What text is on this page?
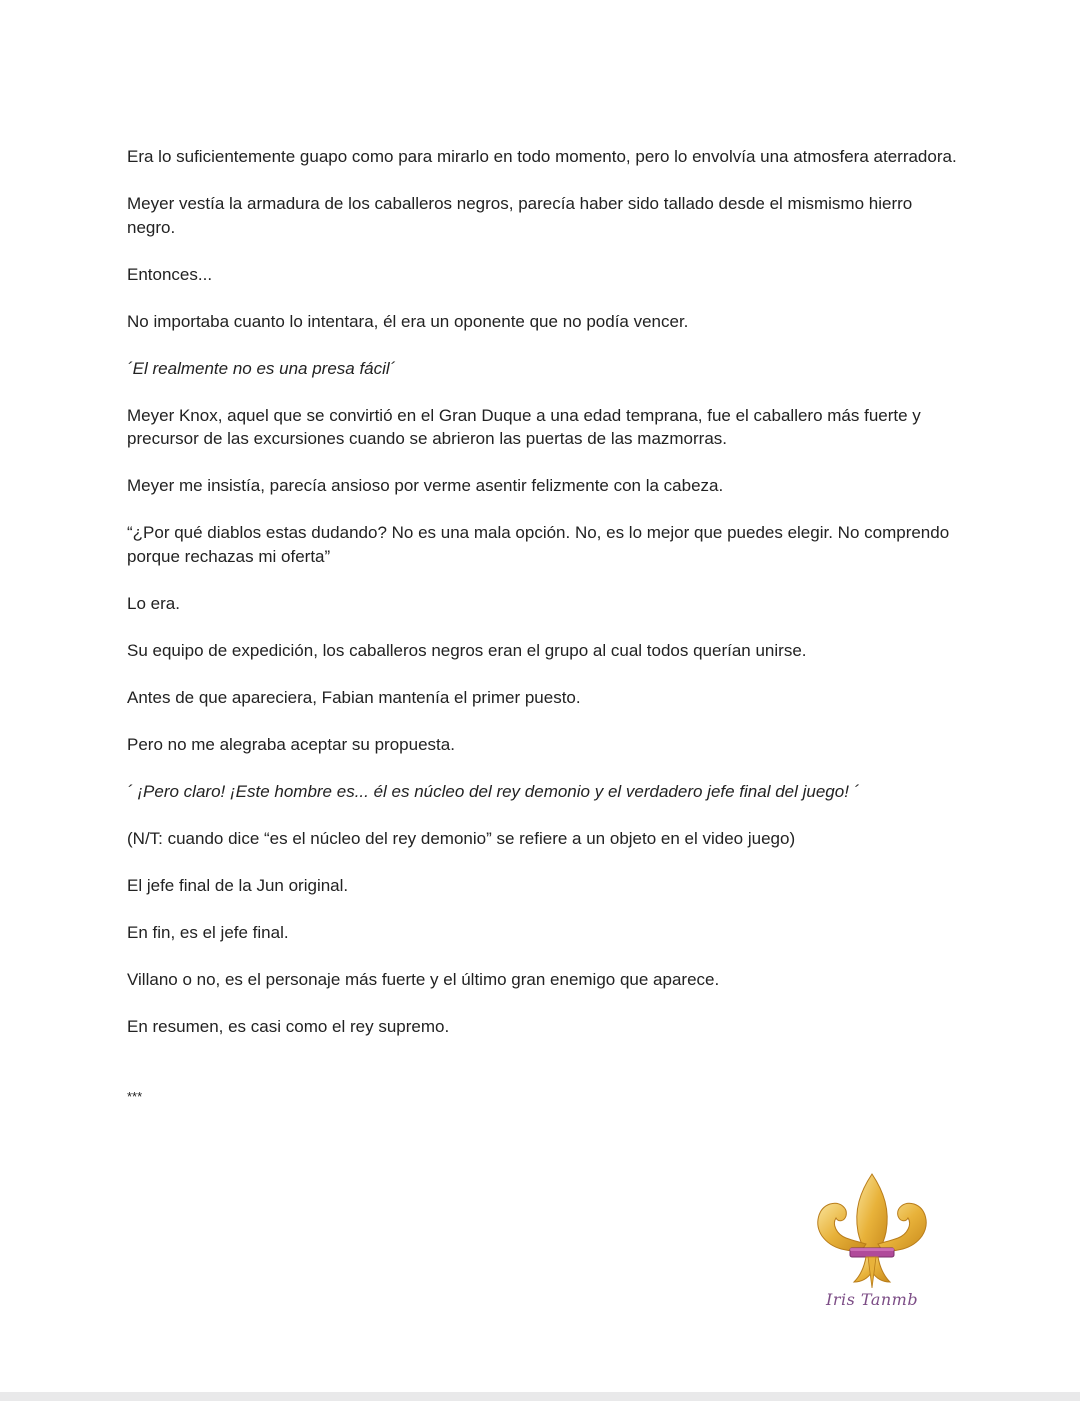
Era lo suficientemente guapo como para mirarlo en todo momento, pero lo envolvía una atmosfera aterradora.

Meyer vestía la armadura de los caballeros negros, parecía haber sido tallado desde el mismismo hierro negro.

Entonces...

No importaba cuanto lo intentara, él era un oponente que no podía vencer.

´El realmente no es una presa fácil´

Meyer Knox, aquel que se convirtió en el Gran Duque a una edad temprana, fue el caballero más fuerte y precursor de las excursiones cuando se abrieron las puertas de las mazmorras.

Meyer me insistía, parecía ansioso por verme asentir felizmente con la cabeza.

“¿Por qué diablos estas dudando? No es una mala opción. No, es lo mejor que puedes elegir. No comprendo porque rechazas mi oferta”

Lo era.

Su equipo de expedición, los caballeros negros eran el grupo al cual todos querían unirse.

Antes de que apareciera, Fabian mantenía el primer puesto.

Pero no me alegraba aceptar su propuesta.

´ ¡Pero claro! ¡Este hombre es... él es núcleo del rey demonio y el verdadero jefe final del juego! ´

(N/T: cuando dice “es el núcleo del rey demonio” se refiere a un objeto en el video juego)

El jefe final de la Jun original.

En fin, es el jefe final.

Villano o no, es el personaje más fuerte y el último gran enemigo que aparece.

En resumen, es casi como el rey supremo.

***

Iris Tanmb
